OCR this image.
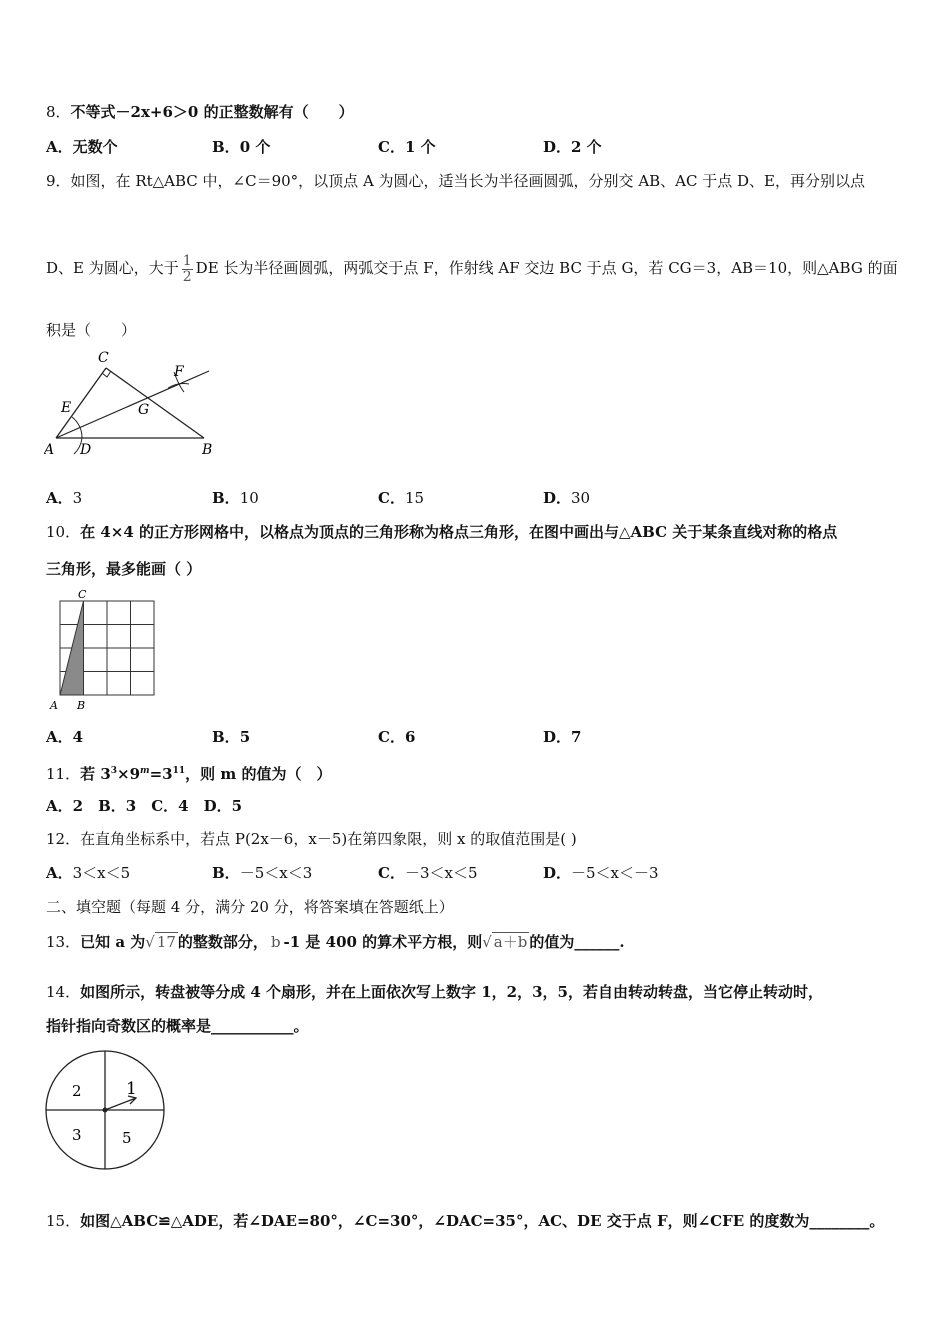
8．不等式－2x+6＞0 的正整数解有（　　）
A．无数个	B．0 个	C．1 个	D．2 个
9．如图，在 Rt△ABC 中，∠C＝90°，以顶点 A 为圆心，适当长为半径画圆弧，分别交 AB、AC 于点 D、E，再分别以点
D、E 为圆心，大于 $\frac{1}{2}$ DE 长为半径画圆弧，两弧交于点 F，作射线 AF 交边 BC 于点 G，若 CG＝3，AB＝10，则△ABG 的面
积是（　　）
C
F
E	G
A D	B
A．3	B．10	C．15	D．30
10．在 4×4 的正方形网格中，以格点为顶点的三角形称为格点三角形，在图中画出与△ABC 关于某条直线对称的格点
三角形，最多能画（ ）
C
A B
A．4	B．5	C．6	D．7
11．若 $3^3\times 9^m=3^{11}$，则 m 的值为（　）
A．2　B．3　C．4　D．5
12．在直角坐标系中，若点 P(2x－6，x－5)在第四象限，则 x 的取值范围是( )
A．3＜x＜5	B．－5＜x＜3	C．－3＜x＜5	D．－5＜x＜－3
二、填空题（每题 4 分，满分 20 分，将答案填在答题纸上）
13．已知 a 为√ 17 的整数部分， b -1 是 400 的算术平方根，则√ a＋b 的值为______.
14．如图所示，转盘被等分成 4 个扇形，并在上面依次写上数字 1，2，3，5，若自由转动转盘，当它停止转动时，
指针指向奇数区的概率是___________。
2	1
3	5
15．如图△ABC≌△ADE，若∠DAE=80°，∠C=30°，∠DAC=35°，AC、DE 交于点 F，则∠CFE 的度数为________。
